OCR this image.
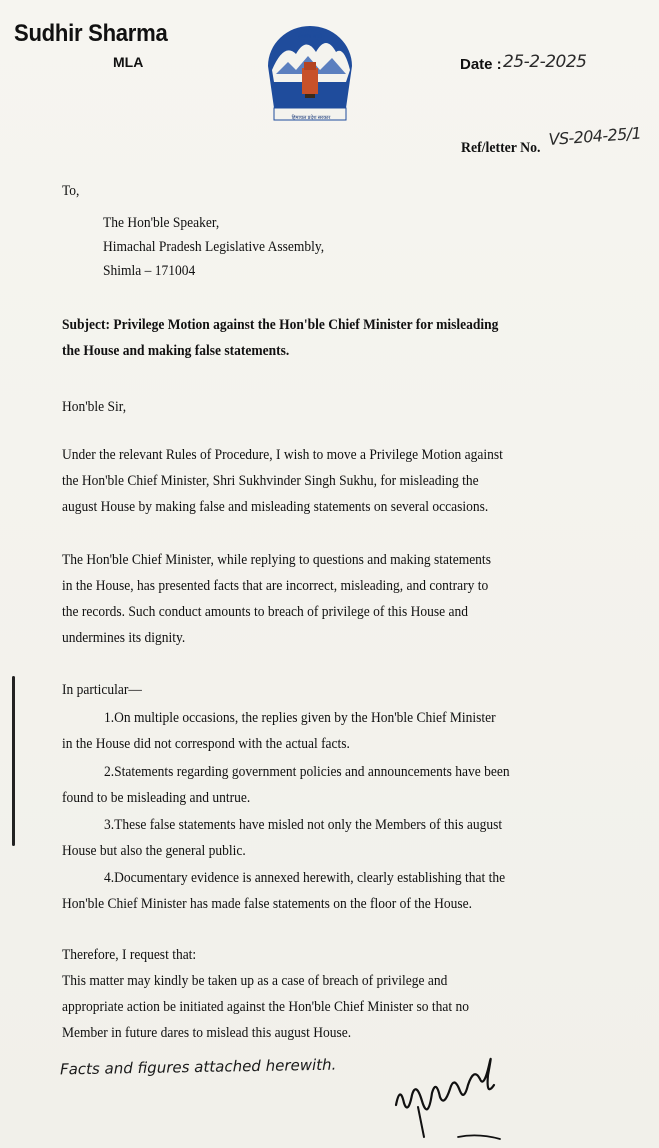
Sudhir Sharma
MLA
सत्यमेव जयते
हिमाचल प्रदेश सरकार
Date : 25-2-2025
Ref/letter No. VS-204-25/1
To,
The Hon'ble Speaker,
Himachal Pradesh Legislative Assembly,
Shimla – 171004
Subject: Privilege Motion against the Hon'ble Chief Minister for misleading
the House and making false statements.
Hon'ble Sir,
Under the relevant Rules of Procedure, I wish to move a Privilege Motion against
the Hon'ble Chief Minister, Shri Sukhvinder Singh Sukhu, for misleading the
august House by making false and misleading statements on several occasions.
The Hon'ble Chief Minister, while replying to questions and making statements
in the House, has presented facts that are incorrect, misleading, and contrary to
the records. Such conduct amounts to breach of privilege of this House and
undermines its dignity.
In particular—
1.On multiple occasions, the replies given by the Hon'ble Chief Minister
in the House did not correspond with the actual facts.
2.Statements regarding government policies and announcements have been
found to be misleading and untrue.
3.These false statements have misled not only the Members of this august
House but also the general public.
4.Documentary evidence is annexed herewith, clearly establishing that the
Hon'ble Chief Minister has made false statements on the floor of the House.
Therefore, I request that:
This matter may kindly be taken up as a case of breach of privilege and
appropriate action be initiated against the Hon'ble Chief Minister so that no
Member in future dares to mislead this august House.
Facts and figures attached herewith.
